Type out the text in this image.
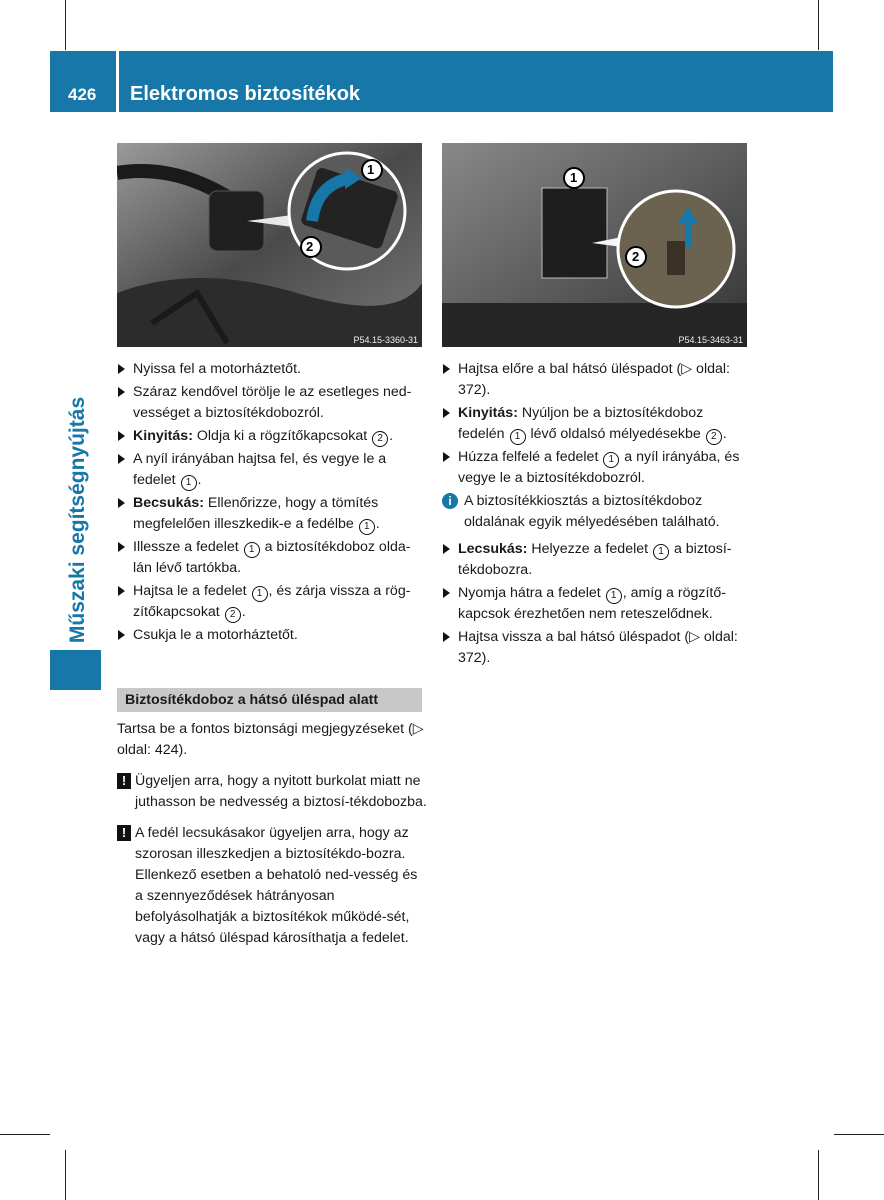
426 Elektromos biztosítékok
Műszaki segítségnyújtás
1
2
P54.15-3360-31
1
2
P54.15-3463-31
Nyissa fel a motorháztetőt.
Száraz kendővel törölje le az esetleges ned-vességet a biztosítékdobozról.
Kinyitás: Oldja ki a rögzítőkapcsokat 2 .
A nyíl irányában hajtsa fel, és vegye le a fedelet 1 .
Becsukás: Ellenőrizze, hogy a tömítés megfelelően illeszkedik-e a fedélbe 1 .
Illessze a fedelet 1 a biztosítékdoboz olda-lán lévő tartókba.
Hajtsa le a fedelet 1 , és zárja vissza a rög-zítőkapcsokat 2 .
Csukja le a motorháztetőt.
Biztosítékdoboz a hátsó üléspad alatt
Tartsa be a fontos biztonsági megjegyzéseket (▷ oldal: 424).
! Ügyeljen arra, hogy a nyitott burkolat miatt ne juthasson be nedvesség a biztosí-tékdobozba.
! A fedél lecsukásakor ügyeljen arra, hogy az szorosan illeszkedjen a biztosítékdo-bozra. Ellenkező esetben a behatoló ned-vesség és a szennyeződések hátrányosan befolyásolhatják a biztosítékok működé-sét, vagy a hátsó üléspad károsíthatja a fedelet.
Hajtsa előre a bal hátsó üléspadot (▷ oldal: 372).
Kinyitás: Nyúljon be a biztosítékdoboz fedelén 1 lévő oldalsó mélyedésekbe 2 .
Húzza felfelé a fedelet 1 a nyíl irányába, és vegye le a biztosítékdobozról.
i A biztosítékkiosztás a biztosítékdoboz oldalának egyik mélyedésében található.
Lecsukás: Helyezze a fedelet 1 a biztosí-tékdobozra.
Nyomja hátra a fedelet 1 , amíg a rögzítő-kapcsok érezhetően nem reteszelődnek.
Hajtsa vissza a bal hátsó üléspadot (▷ oldal: 372).
